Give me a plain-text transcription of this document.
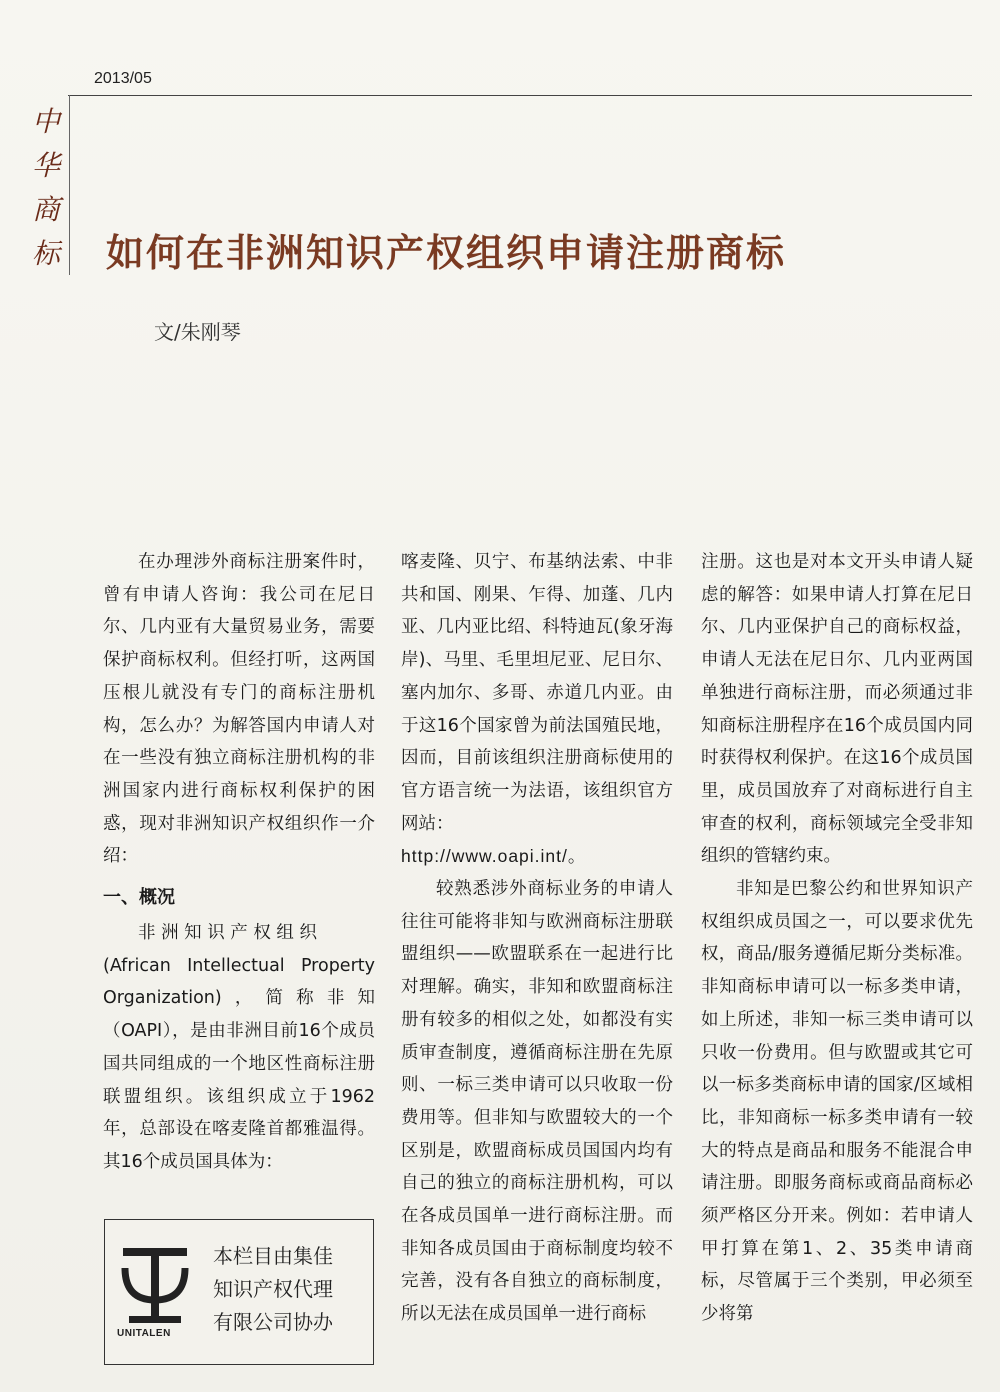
2013/05
中
华
商
标 如何在非洲知识产权组织申请注册商标
文/朱刚琴

在办理涉外商标注册案件时，曾有申请人咨询：我公司在尼日尔、几内亚有大量贸易业务，需要保护商标权利。但经打听，这两国压根儿就没有专门的商标注册机构，怎么办？为解答国内申请人对在一些没有独立商标注册机构的非洲国家内进行商标权利保护的困惑，现对非洲知识产权组织作一介绍：

一、概况

非 洲 知 识 产 权 组 织

(African Intellectual Property Organization)，简称非知（OAPI），是由非洲目前16个成员国共同组成的一个地区性商标注册联盟组织。该组织成立于1962年，总部设在喀麦隆首都雅温得。其16个成员国具体为：

喀麦隆、贝宁、布基纳法索、中非共和国、刚果、乍得、加蓬、几内亚、几内亚比绍、科特迪瓦(象牙海岸)、马里、毛里坦尼亚、尼日尔、塞内加尔、多哥、赤道几内亚。由于这16个国家曾为前法国殖民地，因而，目前该组织注册商标使用的官方语言统一为法语，该组织官方网站：

http://www.oapi.int/。

较熟悉涉外商标业务的申请人往往可能将非知与欧洲商标注册联盟组织——欧盟联系在一起进行比对理解。确实，非知和欧盟商标注册有较多的相似之处，如都没有实质审查制度，遵循商标注册在先原则、一标三类申请可以只收取一份费用等。但非知与欧盟较大的一个区别是，欧盟商标成员国国内均有自己的独立的商标注册机构，可以在各成员国单一进行商标注册。而非知各成员国由于商标制度均较不完善，没有各自独立的商标制度，所以无法在成员国单一进行商标

注册。这也是对本文开头申请人疑虑的解答：如果申请人打算在尼日尔、几内亚保护自己的商标权益，申请人无法在尼日尔、几内亚两国单独进行商标注册，而必须通过非知商标注册程序在16个成员国内同时获得权利保护。在这16个成员国里，成员国放弃了对商标进行自主审查的权利，商标领域完全受非知组织的管辖约束。

非知是巴黎公约和世界知识产权组织成员国之一，可以要求优先权，商品/服务遵循尼斯分类标准。非知商标申请可以一标多类申请，如上所述，非知一标三类申请可以只收一份费用。但与欧盟或其它可以一标多类商标申请的国家/区域相比，非知商标一标多类申请有一较大的特点是商品和服务不能混合申请注册。即服务商标或商品商标必须严格区分开来。例如：若申请人甲打算在第1、2、35类申请商标，尽管属于三个类别，甲必须至少将第

UNITALEN
本栏目由集佳
知识产权代理
有限公司协办
